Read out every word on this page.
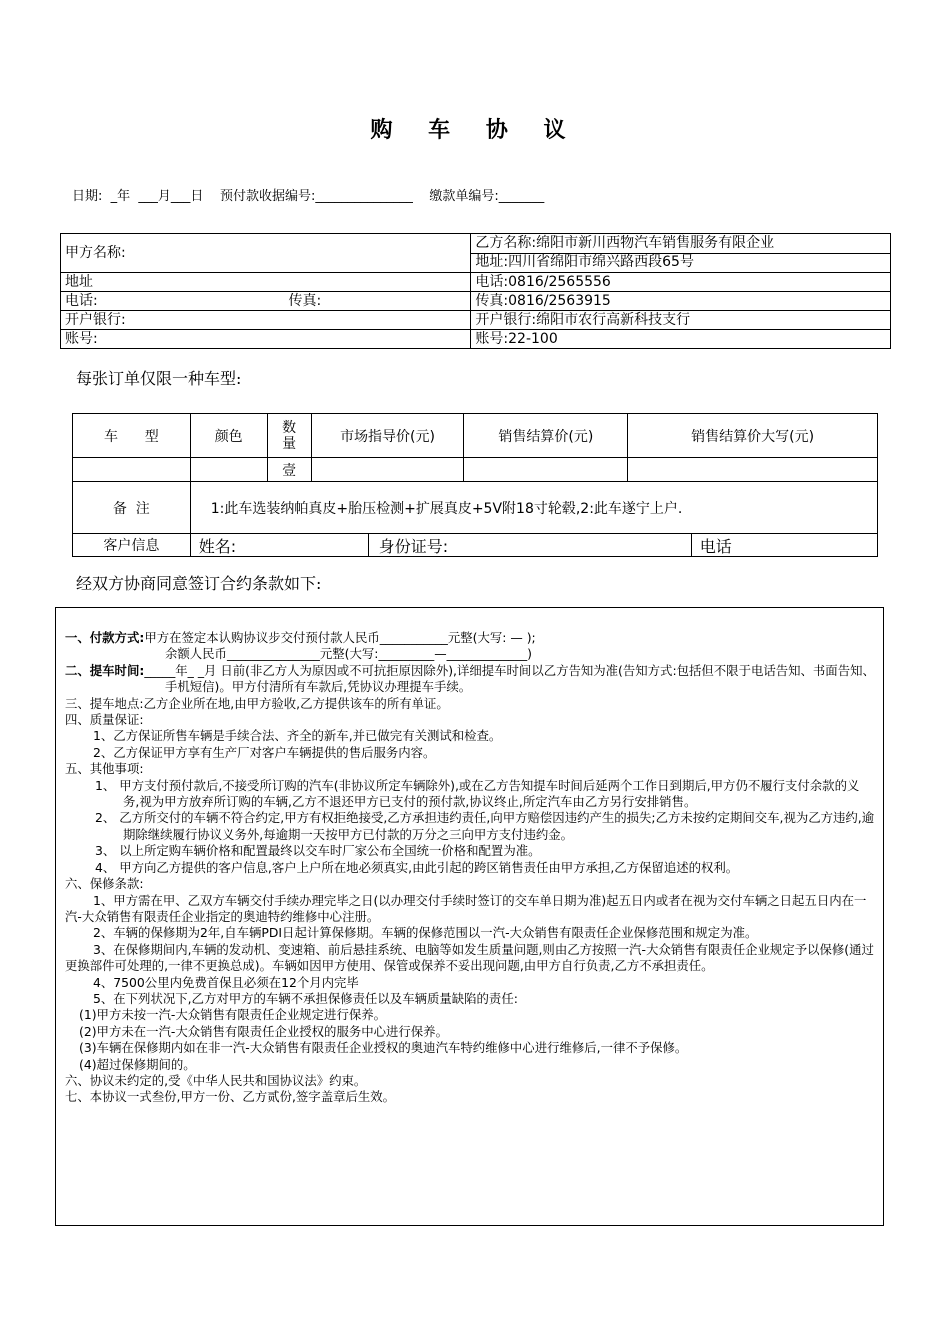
购 车 协 议
日期:  _年  ___月___日    预付款收据编号:_______________    缴款单编号:_______
甲方名称:	乙方名称:绵阳市新川西物汽车销售服务有限企业
	地址:四川省绵阳市绵兴路西段65号
地址	电话:0816/2565556
电话: 传真:	传真:0816/2563915
开户银行:	开户银行:绵阳市农行高新科技支行
账号:	账号:22-100
每张订单仅限一种车型:
车      型	颜色	数量	市场指导价(元)	销售结算价(元)	销售结算价大写(元)
		壹			
备  注	1:此车选装纳帕真皮+胎压检测+扩展真皮+5V附18寸轮毂,2:此车遂宁上户.				
客户信息	姓名: 身份证号: 电话				
经双方协商同意签订合约条款如下:

一、付款方式:甲方在签定本认购协议步交付预付款人民币___________元整(大写: — );

余额人民币_______________元整(大写:_________—_____________)

二、提车时间:_____年_ _月 日前(非乙方人为原因或不可抗拒原因除外),详细提车时间以乙方告知为准(告知方式:包括但不限于电话告知、书面告知、手机短信)。甲方付清所有车款后,凭协议办理提车手续。

三、提车地点:乙方企业所在地,由甲方验收,乙方提供该车的所有单证。

四、质量保证:

1、乙方保证所售车辆是手续合法、齐全的新车,并已做完有关测试和检查。

2、乙方保证甲方享有生产厂对客户车辆提供的售后服务内容。

五、其他事项:

1、 甲方支付预付款后,不接受所订购的汽车(非协议所定车辆除外),或在乙方告知提车时间后延两个工作日到期后,甲方仍不履行支付余款的义务,视为甲方放弃所订购的车辆,乙方不退还甲方已支付的预付款,协议终止,所定汽车由乙方另行安排销售。

2、 乙方所交付的车辆不符合约定,甲方有权拒绝接受,乙方承担违约责任,向甲方赔偿因违约产生的损失;乙方未按约定期间交车,视为乙方违约,逾期除继续履行协议义务外,每逾期一天按甲方已付款的万分之三向甲方支付违约金。

3、 以上所定购车辆价格和配置最终以交车时厂家公布全国统一价格和配置为准。

4、 甲方向乙方提供的客户信息,客户上户所在地必须真实,由此引起的跨区销售责任由甲方承担,乙方保留追述的权利。

六、保修条款:

1、甲方需在甲、乙双方车辆交付手续办理完毕之日(以办理交付手续时签订的交车单日期为准)起五日内或者在视为交付车辆之日起五日内在一汽-大众销售有限责任企业指定的奥迪特约维修中心注册。

2、车辆的保修期为2年,自车辆PDI日起计算保修期。车辆的保修范围以一汽-大众销售有限责任企业保修范围和规定为准。

3、在保修期间内,车辆的发动机、变速箱、前后悬挂系统、电脑等如发生质量问题,则由乙方按照一汽-大众销售有限责任企业规定予以保修(通过更换部件可处理的,一律不更换总成)。车辆如因甲方使用、保管或保养不妥出现问题,由甲方自行负责,乙方不承担责任。

4、7500公里内免费首保且必须在12个月内完毕

5、在下列状况下,乙方对甲方的车辆不承担保修责任以及车辆质量缺陷的责任:

(1)甲方未按一汽-大众销售有限责任企业规定进行保养。

(2)甲方未在一汽-大众销售有限责任企业授权的服务中心进行保养。

(3)车辆在保修期内如在非一汽-大众销售有限责任企业授权的奥迪汽车特约维修中心进行维修后,一律不予保修。

(4)超过保修期间的。

六、协议未约定的,受《中华人民共和国协议法》约束。

七、本协议一式叁份,甲方一份、乙方贰份,签字盖章后生效。
